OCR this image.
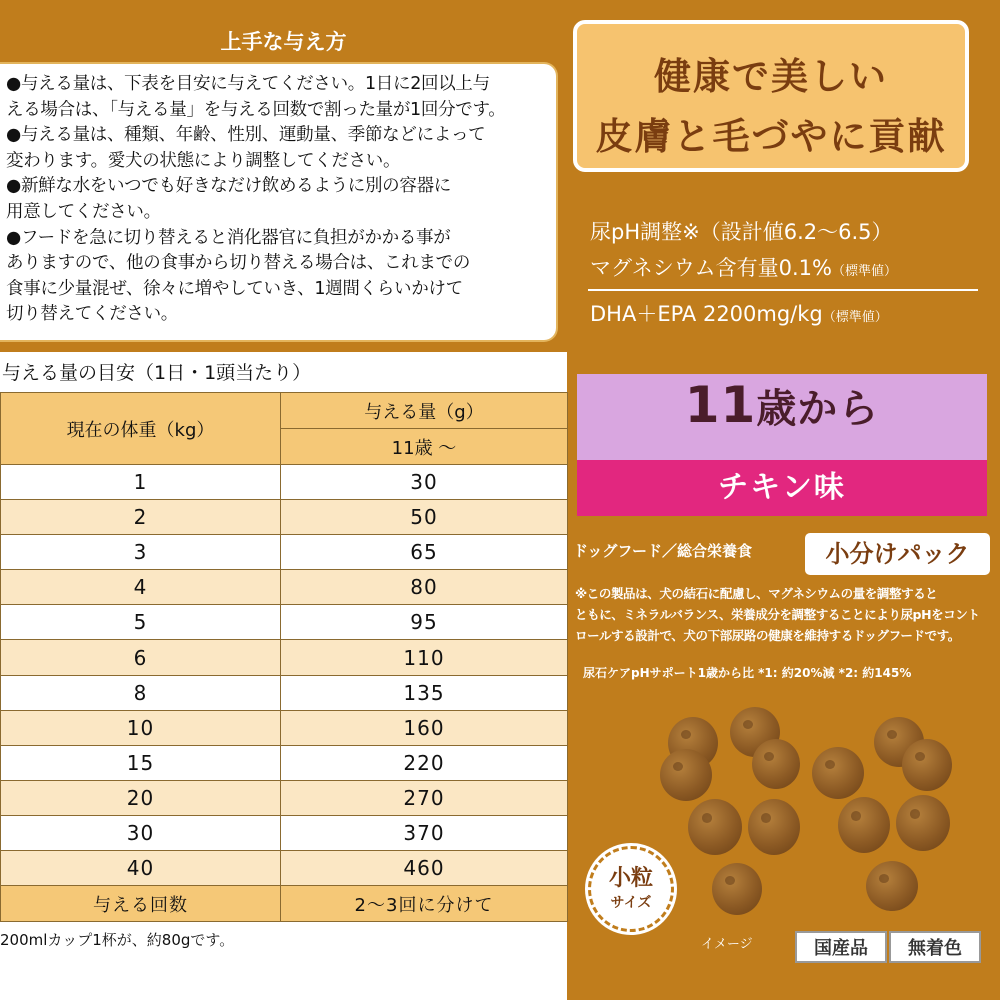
上手な与え方
●与える量は、下表を目安に与えてください。1日に2回以上与
える場合は、「与える量」を与える回数で割った量が1回分です。
●与える量は、種類、年齢、性別、運動量、季節などによって
変わります。愛犬の状態により調整してください。
●新鮮な水をいつでも好きなだけ飲めるように別の容器に
用意してください。
●フードを急に切り替えると消化器官に負担がかかる事が
ありますので、他の食事から切り替える場合は、これまでの
食事に少量混ぜ、徐々に増やしていき、1週間くらいかけて
切り替えてください。
与える量の目安（1日・1頭当たり）
現在の体重（kg）	与える量（g）
	11歳 ～
1	30
2	50
3	65
4	80
5	95
6	110
8	135
10	160
15	220
20	270
30	370
40	460
与える回数	2～3回に分けて
200mlカップ1杯が、約80gです。
健康で美しい
皮膚と毛づやに貢献
尿pH調整※（設計値6.2～6.5）
マグネシウム含有量0.1%（標準値）
DHA＋EPA 2200mg/kg（標準値）
11歳から
チキン味
ドッグフード／総合栄養食	小分けパック
※この製品は、犬の結石に配慮し、マグネシウムの量を調整すると
ともに、ミネラルバランス、栄養成分を調整することにより尿pHをコント
ロールする設計で、犬の下部尿路の健康を維持するドッグフードです。
尿石ケアpHサポート1歳から比 *1: 約20%減 *2: 約145%
小粒
サイズ
イメージ	国産品	無着色
